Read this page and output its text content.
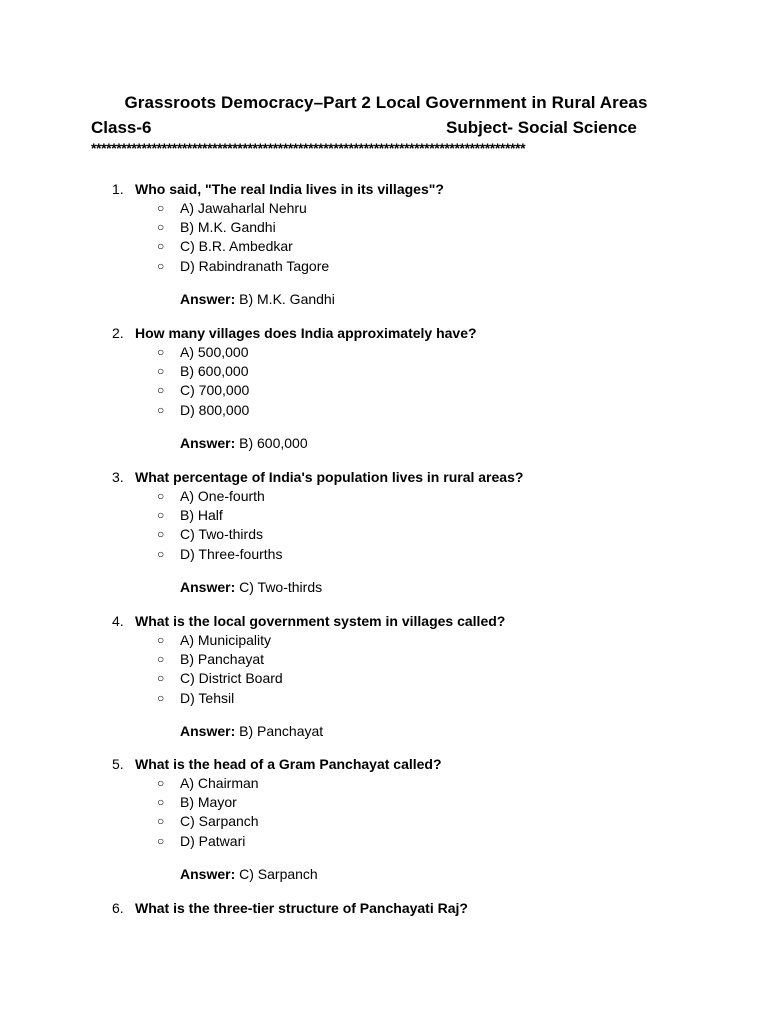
Grassroots Democracy–Part 2 Local Government in Rural Areas
Class-6	Subject- Social Science
**************************************************************************************
1. Who said, "The real India lives in its villages"?
○ A) Jawaharlal Nehru
○ B) M.K. Gandhi
○ C) B.R. Ambedkar
○ D) Rabindranath Tagore
Answer: B) M.K. Gandhi
2. How many villages does India approximately have?
○ A) 500,000
○ B) 600,000
○ C) 700,000
○ D) 800,000
Answer: B) 600,000
3. What percentage of India's population lives in rural areas?
○ A) One-fourth
○ B) Half
○ C) Two-thirds
○ D) Three-fourths
Answer: C) Two-thirds
4. What is the local government system in villages called?
○ A) Municipality
○ B) Panchayat
○ C) District Board
○ D) Tehsil
Answer: B) Panchayat
5. What is the head of a Gram Panchayat called?
○ A) Chairman
○ B) Mayor
○ C) Sarpanch
○ D) Patwari
Answer: C) Sarpanch
6. What is the three-tier structure of Panchayati Raj?
